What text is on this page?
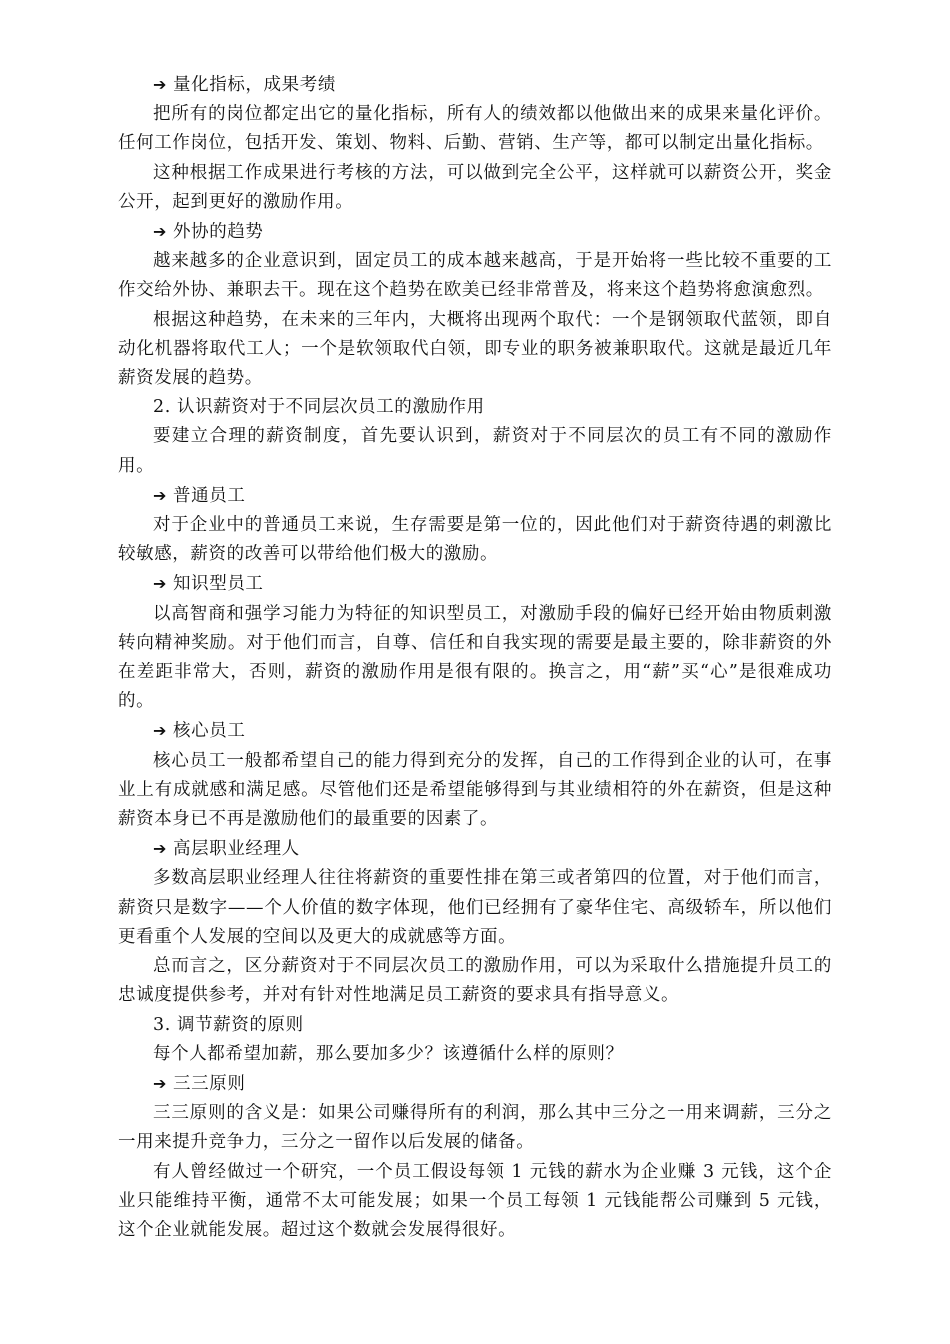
➔ 量化指标，成果考绩

把所有的岗位都定出它的量化指标，所有人的绩效都以他做出来的成果来量化评价。任何工作岗位，包括开发、策划、物料、后勤、营销、生产等，都可以制定出量化指标。

这种根据工作成果进行考核的方法，可以做到完全公平，这样就可以薪资公开，奖金公开，起到更好的激励作用。

➔ 外协的趋势

越来越多的企业意识到，固定员工的成本越来越高，于是开始将一些比较不重要的工作交给外协、兼职去干。现在这个趋势在欧美已经非常普及，将来这个趋势将愈演愈烈。

根据这种趋势，在未来的三年内，大概将出现两个取代：一个是钢领取代蓝领，即自动化机器将取代工人；一个是软领取代白领，即专业的职务被兼职取代。这就是最近几年薪资发展的趋势。

2. 认识薪资对于不同层次员工的激励作用

要建立合理的薪资制度，首先要认识到，薪资对于不同层次的员工有不同的激励作用。

➔ 普通员工

对于企业中的普通员工来说，生存需要是第一位的，因此他们对于薪资待遇的刺激比较敏感，薪资的改善可以带给他们极大的激励。

➔ 知识型员工

以高智商和强学习能力为特征的知识型员工，对激励手段的偏好已经开始由物质刺激转向精神奖励。对于他们而言，自尊、信任和自我实现的需要是最主要的，除非薪资的外在差距非常大，否则，薪资的激励作用是很有限的。换言之，用“薪”买“心”是很难成功的。

➔ 核心员工

核心员工一般都希望自己的能力得到充分的发挥，自己的工作得到企业的认可，在事业上有成就感和满足感。尽管他们还是希望能够得到与其业绩相符的外在薪资，但是这种薪资本身已不再是激励他们的最重要的因素了。

➔ 高层职业经理人

多数高层职业经理人往往将薪资的重要性排在第三或者第四的位置，对于他们而言，薪资只是数字——个人价值的数字体现，他们已经拥有了豪华住宅、高级轿车，所以他们更看重个人发展的空间以及更大的成就感等方面。

总而言之，区分薪资对于不同层次员工的激励作用，可以为采取什么措施提升员工的忠诚度提供参考，并对有针对性地满足员工薪资的要求具有指导意义。

3. 调节薪资的原则

每个人都希望加薪，那么要加多少？该遵循什么样的原则？

➔ 三三原则

三三原则的含义是：如果公司赚得所有的利润，那么其中三分之一用来调薪，三分之一用来提升竞争力，三分之一留作以后发展的储备。

有人曾经做过一个研究，一个员工假设每领 1 元钱的薪水为企业赚 3 元钱，这个企业只能维持平衡，通常不太可能发展；如果一个员工每领 1 元钱能帮公司赚到 5 元钱，这个企业就能发展。超过这个数就会发展得很好。
